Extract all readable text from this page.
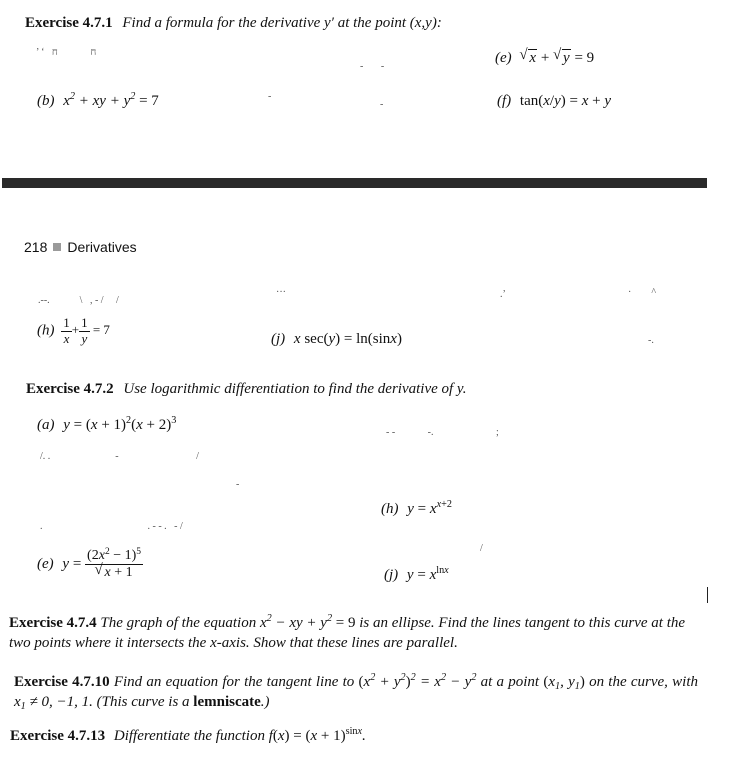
Exercise 4.7.1 Find a formula for the derivative y′ at the point (x,y):
’ ‘   ח             ח
-       -
(e) √ x + √ y = 9
(b) $x^2$ + xy + $y^2 = 7$	-
-	(f) tan(x/y) = x + y
218 Derivatives
.--.            \   , - /     /
···	.’	·        ^
$(h) \frac{1}{x} + \frac{1}{y} = 7$
(j) x sec(y) = ln(sinx)	-.
Exercise 4.7.2 Use logarithmic differentiation to find the derivative of y.
(a) $y = (x + 1)^2(x + 2)^3$
- -             -.                         ;
/. .                          -                               /
-
(h) $y = x^{x+2}$
.                                          . - - .   - /
/
(e) $y = \frac{(2x^2 - 1)^5}{√ x + 1}$	(j) $y = x^{lnx}$
Exercise 4.7.4 The graph of the equation $x^2$ − xy + $y^2 = 9$ is an ellipse. Find the lines tangent to this curve at the two points where it intersects the x-axis. Show that these lines are parallel.
Exercise 4.7.10 Find an equation for the tangent line to $(x^2 + y^2)^2 = x^2 - y^2$ at a point ($x_1$, $y_1$) on the curve, with $x_1 \ne 0$, −1, 1. (This curve is a lemniscate.)
Exercise 4.7.13 Differentiate the function $f(x) = (x + 1)^{sinx}$.
